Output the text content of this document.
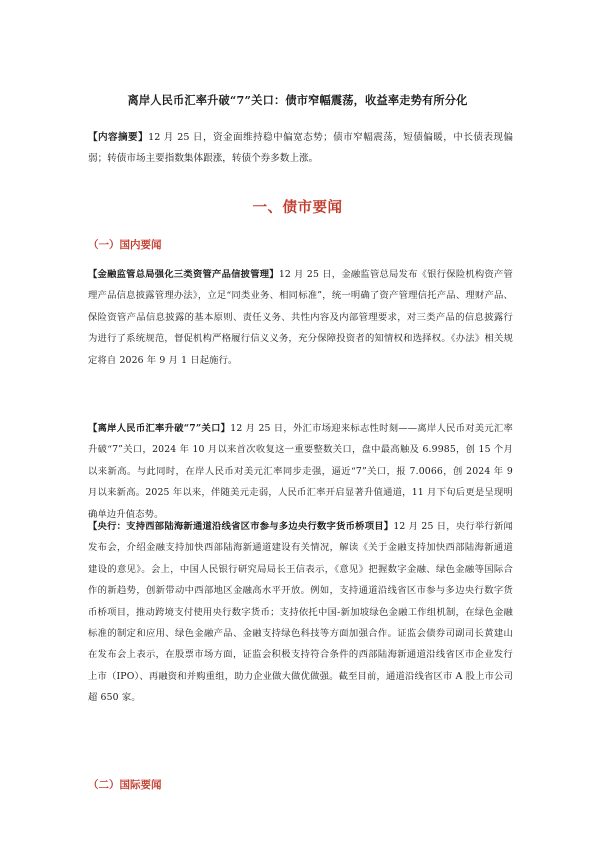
离岸人民币汇率升破“7”关口：债市窄幅震荡，收益率走势有所分化

【内容摘要】12 月 25 日，资金面维持稳中偏宽态势；债市窄幅震荡，短债偏暖，中长债表现偏弱；转债市场主要指数集体跟涨，转债个券多数上涨。

一、债市要闻
（一）国内要闻

【金融监管总局强化三类资管产品信披管理】12 月 25 日，金融监管总局发布《银行保险机构资产管理产品信息披露管理办法》，立足“同类业务、相同标准”，统一明确了资产管理信托产品、理财产品、保险资管产品信息披露的基本原则、责任义务、共性内容及内部管理要求，对三类产品的信息披露行为进行了系统规范，督促机构严格履行信义义务，充分保障投资者的知情权和选择权。《办法》相关规定将自 2026 年 9 月 1 日起施行。

【离岸人民币汇率升破“7”关口】12 月 25 日，外汇市场迎来标志性时刻——离岸人民币对美元汇率升破“7”关口，2024 年 10 月以来首次收复这一重要整数关口，盘中最高触及 6.9985，创 15 个月以来新高。与此同时，在岸人民币对美元汇率同步走强，逼近“7”关口，报 7.0066，创 2024 年 9 月以来新高。2025 年以来，伴随美元走弱，人民币汇率开启显著升值通道，11 月下旬后更是呈现明确单边升值态势。

【央行：支持西部陆海新通道沿线省区市参与多边央行数字货币桥项目】12 月 25 日，央行举行新闻发布会，介绍金融支持加快西部陆海新通道建设有关情况，解读《关于金融支持加快西部陆海新通道建设的意见》。会上，中国人民银行研究局局长王信表示，《意见》把握数字金融、绿色金融等国际合作的新趋势，创新带动中西部地区金融高水平开放。例如，支持通道沿线省区市参与多边央行数字货币桥项目，推动跨境支付使用央行数字货币；支持依托中国-新加坡绿色金融工作组机制，在绿色金融标准的制定和应用、绿色金融产品、金融支持绿色科技等方面加强合作。证监会债券司副司长黄建山在发布会上表示，在股票市场方面，证监会积极支持符合条件的西部陆海新通道沿线省区市企业发行上市（IPO）、再融资和并购重组，助力企业做大做优做强。截至目前，通道沿线省区市 A 股上市公司超 650 家。

（二）国际要闻
